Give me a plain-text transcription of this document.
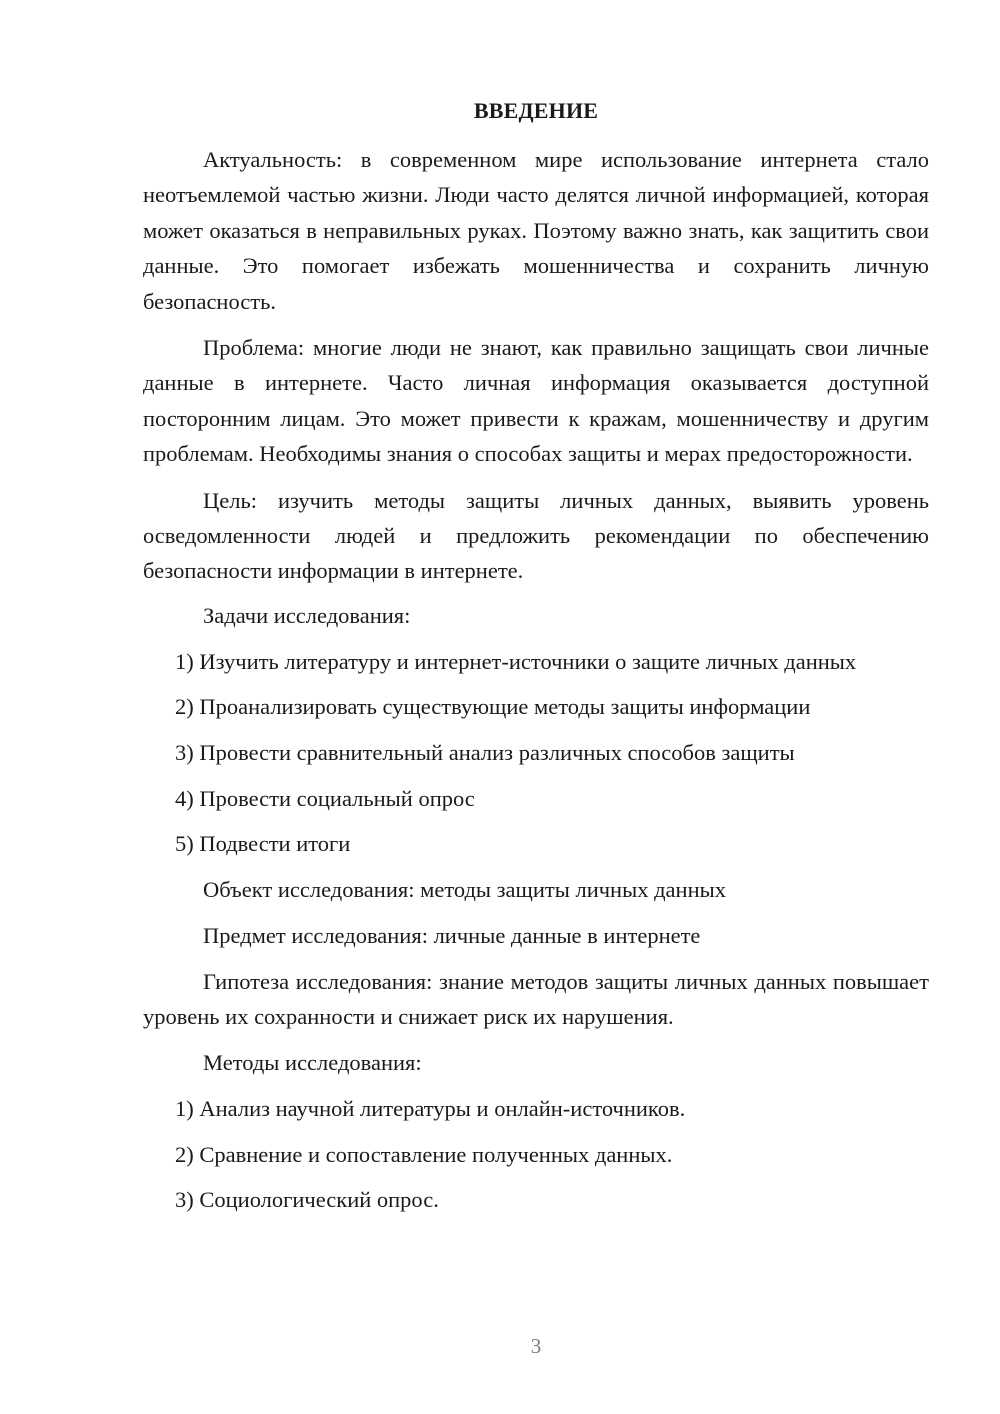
ВВЕДЕНИЕ

Актуальность: в современном мире использование интернета стало неотъемлемой частью жизни. Люди часто делятся личной информацией, которая может оказаться в неправильных руках. Поэтому важно знать, как защитить свои данные. Это помогает избежать мошенничества и сохранить личную безопасность.

Проблема: многие люди не знают, как правильно защищать свои личные данные в интернете. Часто личная информация оказывается доступной посторонним лицам. Это может привести к кражам, мошенничеству и другим проблемам. Необходимы знания о способах защиты и мерах предосторожности.

Цель: изучить методы защиты личных данных, выявить уровень осведомленности людей и предложить рекомендации по обеспечению безопасности информации в интернете.

Задачи исследования:
1) Изучить литературу и интернет-источники о защите личных данных
2) Проанализировать существующие методы защиты информации
3) Провести сравнительный анализ различных способов защиты
4) Провести социальный опрос
5) Подвести итоги
Объект исследования: методы защиты личных данных
Предмет исследования: личные данные в интернете

Гипотеза исследования: знание методов защиты личных данных повышает уровень их сохранности и снижает риск их нарушения.

Методы исследования:
1) Анализ научной литературы и онлайн-источников.
2) Сравнение и сопоставление полученных данных.
3) Социологический опрос.
3
